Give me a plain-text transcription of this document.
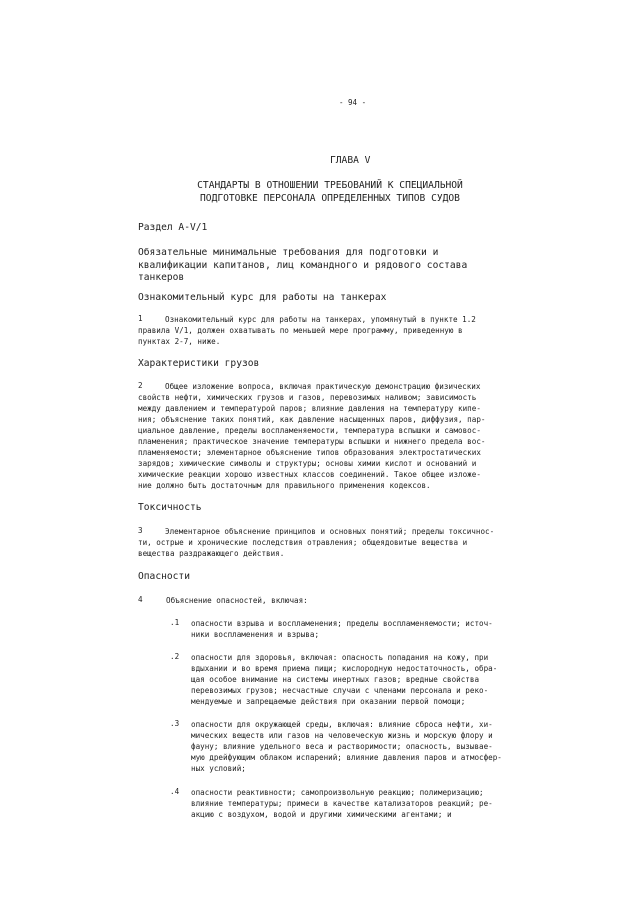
- 94 -
ГЛАВА V

СТАНДАРТЫ В ОТНОШЕНИИ ТРЕБОВАНИЙ К СПЕЦИАЛЬНОЙ

ПОДГОТОВКЕ ПЕРСОНАЛА ОПРЕДЕЛЕННЫХ ТИПОВ СУДОВ

Раздел A-V/1

Обязательные минимальные требования для подготовки и

квалификации капитанов, лиц командного и рядового состава

танкеров

Ознакомительный курс для работы на танкерах
1	Ознакомительный курс для работы на танкерах, упомянутый в пункте 1.2

правила V/1, должен охватывать по меньшей мере программу, приведенную в

пунктах 2-7, ниже.

Характеристики грузов
2	Общее изложение вопроса, включая практическую демонстрацию физических

свойств нефти, химических грузов и газов, перевозимых наливом; зависимость

между давлением и температурой паров; влияние давления на температуру кипе-

ния; объяснение таких понятий, как давление насыщенных паров, диффузия, пар-

циальное давление, пределы воспламеняемости, температура вспышки и самовос-

пламенения; практическое значение температуры вспышки и нижнего предела вос-

пламеняемости; элементарное объяснение типов образования электростатических

зарядов; химические символы и структуры; основы химии кислот и оснований и

химические реакции хорошо известных классов соединений. Такое общее изложе-

ние должно быть достаточным для правильного применения кодексов.

Токсичность
3	Элементарное объяснение принципов и основных понятий; пределы токсичнос-

ти, острые и хронические последствия отравления; общеядовитые вещества и

вещества раздражающего действия.

Опасности
4	Объяснение опасностей, включая:
.1 опасности взрыва и воспламенения; пределы воспламеняемости; источ-

ники воспламенения и взрыва;

.2 опасности для здоровья, включая: опасность попадания на кожу, при

вдыхании и во время приема пищи; кислородную недостаточность, обра-

щая особое внимание на системы инертных газов; вредные свойства

перевозимых грузов; несчастные случаи с членами персонала и реко-

мендуемые и запрещаемые действия при оказании первой помощи;

.3 опасности для окружающей среды, включая: влияние сброса нефти, хи-

мических веществ или газов на человеческую жизнь и морскую флору и

фауну; влияние удельного веса и растворимости; опасность, вызывае-

мую дрейфующим облаком испарений; влияние давления паров и атмосфер-

ных условий;

.4 опасности реактивности; самопроизвольную реакцию; полимеризацию;

влияние температуры; примеси в качестве катализаторов реакций; ре-

акцию с воздухом, водой и другими химическими агентами; и
